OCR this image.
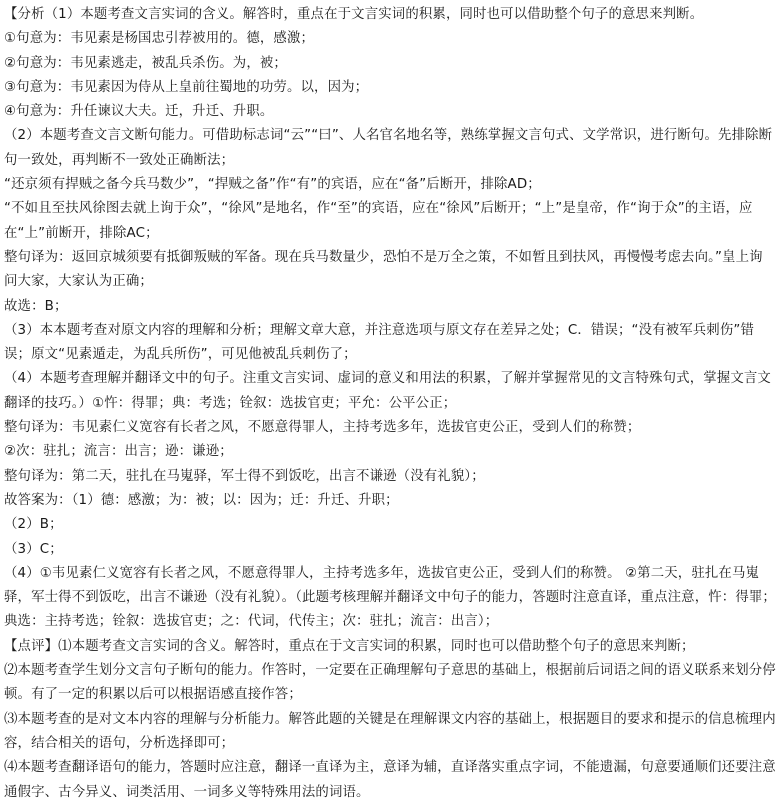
【分析（1）本题考查文言实词的含义。解答时，重点在于文言实词的积累，同时也可以借助整个句子的意思来判断。
①句意为：韦见素是杨国忠引荐被用的。德，感激；
②句意为：韦见素逃走，被乱兵杀伤。为，被；
③句意为：韦见素因为侍从上皇前往蜀地的功劳。以，因为；
④句意为：升任谏议大夫。迁，升迁、升职。
（2）本题考查文言文断句能力。可借助标志词“云”“曰”、人名官名地名等，熟练掌握文言句式、文学常识，进行断句。先排除断句一致处，再判断不一致处正确断法；
“还京须有捍贼之备今兵马数少”，“捍贼之备”作“有”的宾语，应在“备”后断开，排除AD；
“不如且至扶风徐图去就上询于众”，“徐风”是地名，作“至”的宾语，应在“徐风”后断开；“上”是皇帝，作“询于众”的主语，应在“上”前断开，排除AC；
整句译为：返回京城须要有抵御叛贼的军备。现在兵马数量少，恐怕不是万全之策，不如暂且到扶风，再慢慢考虑去向。”皇上询问大家，大家认为正确；
故选：B；
（3）本本题考查对原文内容的理解和分析；理解文章大意，并注意选项与原文存在差异之处；C．错误；“没有被军兵刺伤”错误；原文“见素遁走，为乱兵所伤”，可见他被乱兵刺伤了；
（4）本题考查理解并翻译文中的句子。注重文言实词、虚词的意义和用法的积累，了解并掌握常见的文言特殊句式，掌握文言文翻译的技巧。）①忤：得罪；典：考选；铨叙：选拔官吏；平允：公平公正；
整句译为：韦见素仁义宽容有长者之风，不愿意得罪人，主持考选多年，选拔官吏公正，受到人们的称赞；
②次：驻扎；流言：出言；逊：谦逊；
整句译为：第二天，驻扎在马嵬驿，军士得不到饭吃，出言不谦逊（没有礼貌）；
故答案为：（1）德：感激；为：被；以：因为；迁：升迁、升职；
（2）B；
（3）C；
（4）①韦见素仁义宽容有长者之风，不愿意得罪人，主持考选多年，选拔官吏公正，受到人们的称赞。 ②第二天，驻扎在马嵬驿，军士得不到饭吃，出言不谦逊（没有礼貌）。（此题考核理解并翻译文中句子的能力，答题时注意直译，重点注意，忤：得罪；典选：主持考选；铨叙：选拔官吏；之：代词，代传主；次：驻扎；流言：出言）；
【点评】⑴本题考查文言实词的含义。解答时，重点在于文言实词的积累，同时也可以借助整个句子的意思来判断；
⑵本题考查学生划分文言句子断句的能力。作答时，一定要在正确理解句子意思的基础上，根据前后词语之间的语义联系来划分停顿。有了一定的积累以后可以根据语感直接作答；
⑶本题考查的是对文本内容的理解与分析能力。解答此题的关键是在理解课文内容的基础上，根据题目的要求和提示的信息梳理内容，结合相关的语句，分析选择即可；
⑷本题考查翻译语句的能力，答题时应注意，翻译一直译为主，意译为辅，直译落实重点字词，不能遗漏，句意要通顺们还要注意通假字、古今异义、词类活用、一词多义等特殊用法的词语。
